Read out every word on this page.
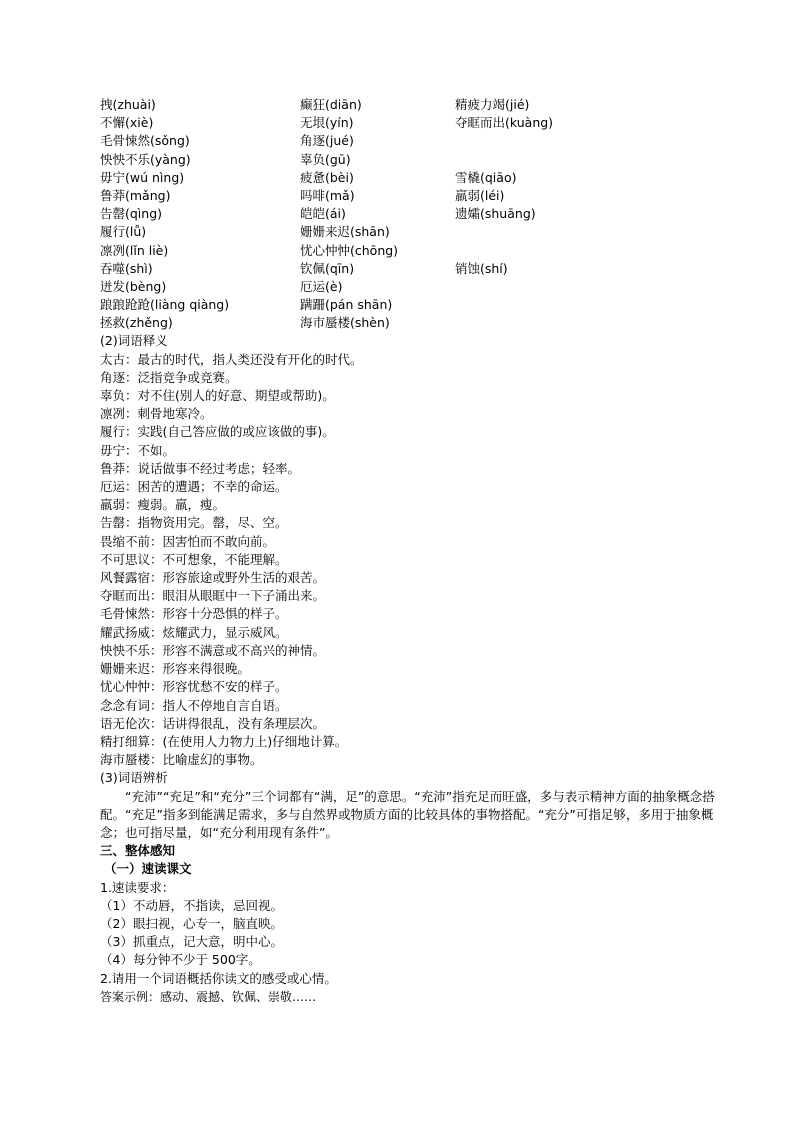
拽(zhuài)	癫狂(diān)	精疲力竭(jié)
不懈(xiè)	无垠(yín)	夺眶而出(kuàng)
毛骨悚然(sǒng)	角逐(jué)
怏怏不乐(yàng)	辜负(gū)
毋宁(wú nìng)	疲惫(bèi)	雪橇(qiāo)
鲁莽(mǎng)	吗啡(mǎ)	羸弱(léi)
告罄(qìng)	皑皑(ái)	遗孀(shuāng)
履行(lǚ)	姗姗来迟(shān)
凛冽(lǐn liè)	忧心忡忡(chōng)
吞噬(shì)	钦佩(qīn)	销蚀(shí)
迸发(bèng)	厄运(è)
踉踉跄跄(liàng qiàng)	蹒跚(pán shān)
拯救(zhěng)	海市蜃楼(shèn)
(2)词语释义
太古：最古的时代，指人类还没有开化的时代。
角逐：泛指竞争或竞赛。
辜负：对不住(别人的好意、期望或帮助)。
凛冽：刺骨地寒冷。
履行：实践(自己答应做的或应该做的事)。
毋宁：不如。
鲁莽：说话做事不经过考虑；轻率。
厄运：困苦的遭遇；不幸的命运。
羸弱：瘦弱。羸，瘦。
告罄：指物资用完。罄，尽、空。
畏缩不前：因害怕而不敢向前。
不可思议：不可想象，不能理解。
风餐露宿：形容旅途或野外生活的艰苦。
夺眶而出：眼泪从眼眶中一下子涌出来。
毛骨悚然：形容十分恐惧的样子。
耀武扬威：炫耀武力，显示威风。
怏怏不乐：形容不满意或不高兴的神情。
姗姗来迟：形容来得很晚。
忧心忡忡：形容忧愁不安的样子。
念念有词：指人不停地自言自语。
语无伦次：话讲得很乱，没有条理层次。
精打细算：(在使用人力物力上)仔细地计算。
海市蜃楼：比喻虚幻的事物。
(3)词语辨析
“充沛”“充足”和“充分”三个词都有“满，足”的意思。“充沛”指充足而旺盛，多与表示精神方面的抽象概念搭配。“充足”指多到能满足需求，多与自然界或物质方面的比较具体的事物搭配。“充分”可指足够，多用于抽象概念；也可指尽量，如“充分利用现有条件”。
三、整体感知
（一）速读课文
1.速读要求：
（1）不动唇，不指读，忌回视。
（2）眼扫视，心专一，脑直映。
（3）抓重点，记大意，明中心。
（4）每分钟不少于 500字。
2.请用一个词语概括你读文的感受或心情。
答案示例：感动、震撼、钦佩、崇敬……
